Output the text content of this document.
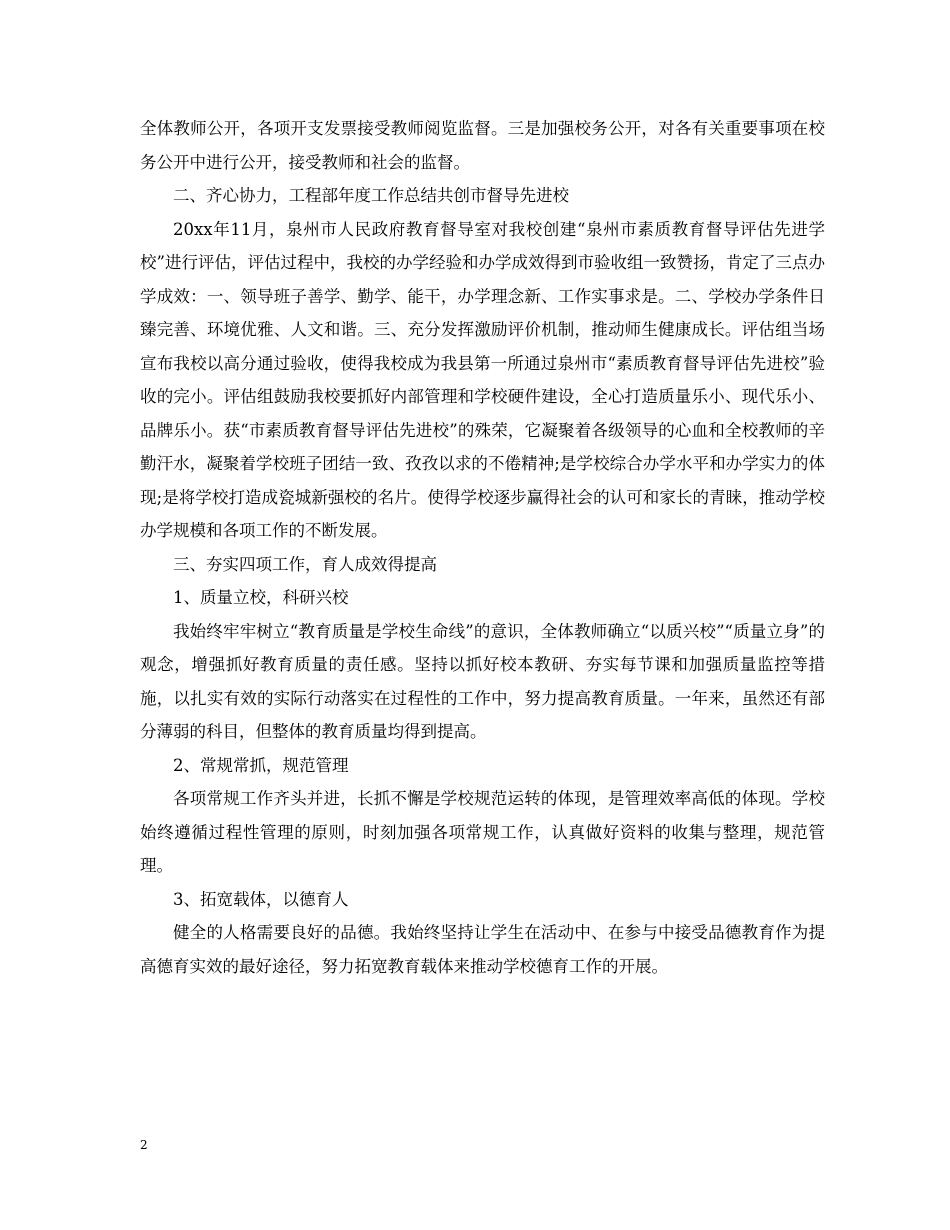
全体教师公开，各项开支发票接受教师阅览监督。三是加强校务公开，对各有关重要事项在校务公开中进行公开，接受教师和社会的监督。

二、齐心协力，工程部年度工作总结共创市督导先进校

20xx年11月，泉州市人民政府教育督导室对我校创建“泉州市素质教育督导评估先进学校”进行评估，评估过程中，我校的办学经验和办学成效得到市验收组一致赞扬，肯定了三点办学成效：一、领导班子善学、勤学、能干，办学理念新、工作实事求是。二、学校办学条件日臻完善、环境优雅、人文和谐。三、充分发挥激励评价机制，推动师生健康成长。评估组当场宣布我校以高分通过验收，使得我校成为我县第一所通过泉州市“素质教育督导评估先进校”验收的完小。评估组鼓励我校要抓好内部管理和学校硬件建设，全心打造质量乐小、现代乐小、品牌乐小。获“市素质教育督导评估先进校”的殊荣，它凝聚着各级领导的心血和全校教师的辛勤汗水，凝聚着学校班子团结一致、孜孜以求的不倦精神;是学校综合办学水平和办学实力的体现;是将学校打造成瓷城新强校的名片。使得学校逐步赢得社会的认可和家长的青睐，推动学校办学规模和各项工作的不断发展。

三、夯实四项工作，育人成效得提高

1、质量立校，科研兴校

我始终牢牢树立“教育质量是学校生命线”的意识，全体教师确立“以质兴校”“质量立身”的观念，增强抓好教育质量的责任感。坚持以抓好校本教研、夯实每节课和加强质量监控等措施，以扎实有效的实际行动落实在过程性的工作中，努力提高教育质量。一年来，虽然还有部分薄弱的科目，但整体的教育质量均得到提高。

2、常规常抓，规范管理

各项常规工作齐头并进，长抓不懈是学校规范运转的体现，是管理效率高低的体现。学校始终遵循过程性管理的原则，时刻加强各项常规工作，认真做好资料的收集与整理，规范管理。

3、拓宽载体，以德育人

健全的人格需要良好的品德。我始终坚持让学生在活动中、在参与中接受品德教育作为提高德育实效的最好途径，努力拓宽教育载体来推动学校德育工作的开展。

2
